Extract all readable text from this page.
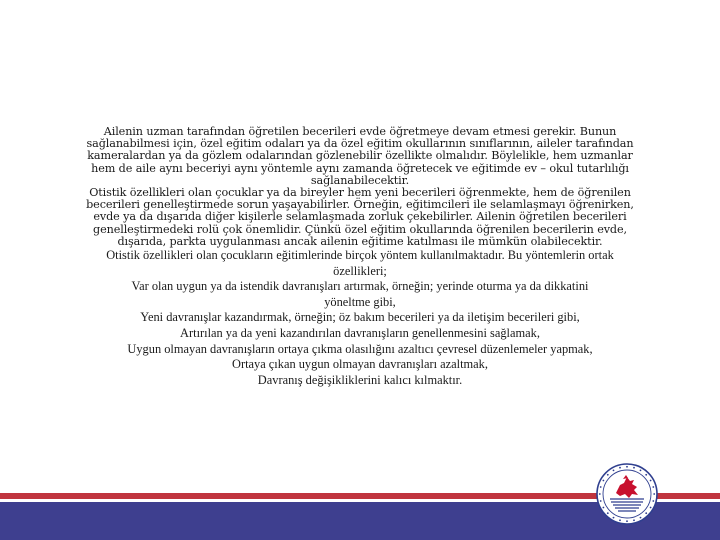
Ailenin uzman tarafından öğretilen becerileri evde öğretmeye devam etmesi gerekir. Bunun
sağlanabilmesi için, özel eğitim odaları ya da özel eğitim okullarının sınıflarının, aileler tarafından
kameralardan ya da gözlem odalarından gözlenebilir özellikte olmalıdır. Böylelikle, hem uzmanlar
hem de aile aynı beceriyi aynı yöntemle aynı zamanda öğretecek ve eğitimde ev – okul tutarlılığı
sağlanabilecektir.
Otistik özellikleri olan çocuklar ya da bireyler hem yeni becerileri öğrenmekte, hem de öğrenilen
becerileri genelleştirmede sorun yaşayabilirler. Örneğin, eğitimcileri ile selamlaşmayı öğrenirken,
evde ya da dışarıda diğer kişilerle selamlaşmada zorluk çekebilirler. Ailenin öğretilen becerileri
genelleştirmedeki rolü çok önemlidir. Çünkü özel eğitim okullarında öğrenilen becerilerin evde,
dışarıda, parkta uygulanması ancak ailenin eğitime katılması ile mümkün olabilecektir.
Otistik özellikleri olan çocukların eğitimlerinde birçok yöntem kullanılmaktadır. Bu yöntemlerin ortak
özellikleri;
Var olan uygun ya da istendik davranışları artırmak, örneğin; yerinde oturma ya da dikkatini
yöneltme gibi,
Yeni davranışlar kazandırmak, örneğin; öz bakım becerileri ya da iletişim becerileri gibi,
Artırılan ya da yeni kazandırılan davranışların genellenmesini sağlamak,
Uygun olmayan davranışların ortaya çıkma olasılığını azaltıcı çevresel düzenlemeler yapmak,
Ortaya çıkan uygun olmayan davranışları azaltmak,
Davranış değişikliklerini kalıcı kılmaktır.
